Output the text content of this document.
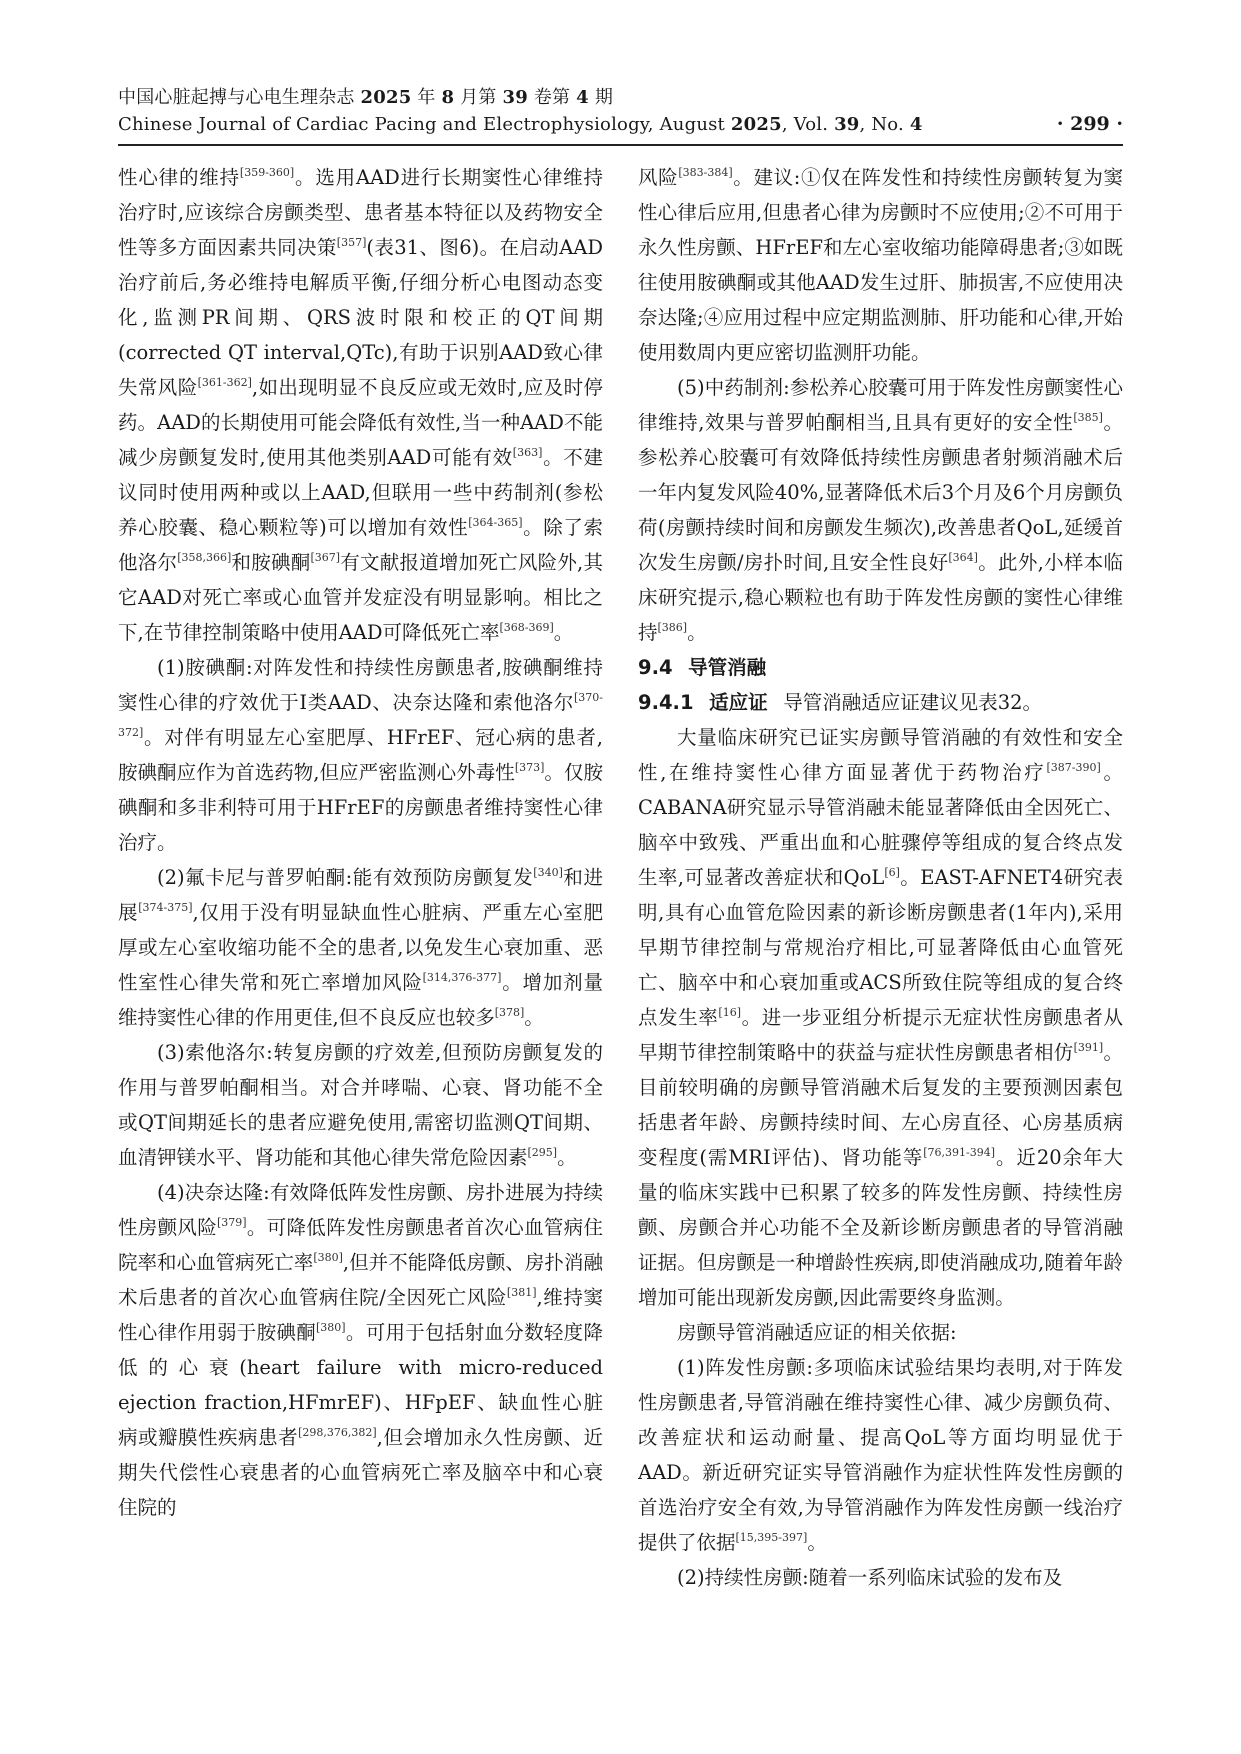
中国心脏起搏与心电生理杂志 2025 年 8 月第 39 卷第 4 期
Chinese Journal of Cardiac Pacing and Electrophysiology, August 2025, Vol. 39, No. 4	· 299 ·

性心律的维持[359-360]。选用AAD进行长期窦性心律维持治疗时,应该综合房颤类型、患者基本特征以及药物安全性等多方面因素共同决策[357](表31、图6)。在启动AAD治疗前后,务必维持电解质平衡,仔细分析心电图动态变化,监测PR间期、QRS波时限和校正的QT间期(corrected QT interval,QTc),有助于识别AAD致心律失常风险[361-362],如出现明显不良反应或无效时,应及时停药。AAD的长期使用可能会降低有效性,当一种AAD不能减少房颤复发时,使用其他类别AAD可能有效[363]。不建议同时使用两种或以上AAD,但联用一些中药制剂(参松养心胶囊、稳心颗粒等)可以增加有效性[364-365]。除了索他洛尔[358,366]和胺碘酮[367]有文献报道增加死亡风险外,其它AAD对死亡率或心血管并发症没有明显影响。相比之下,在节律控制策略中使用AAD可降低死亡率[368-369]。

(1)胺碘酮:对阵发性和持续性房颤患者,胺碘酮维持窦性心律的疗效优于Ⅰ类AAD、决奈达隆和索他洛尔[370-372]。对伴有明显左心室肥厚、HFrEF、冠心病的患者,胺碘酮应作为首选药物,但应严密监测心外毒性[373]。仅胺碘酮和多非利特可用于HFrEF的房颤患者维持窦性心律治疗。

(2)氟卡尼与普罗帕酮:能有效预防房颤复发[340]和进展[374-375],仅用于没有明显缺血性心脏病、严重左心室肥厚或左心室收缩功能不全的患者,以免发生心衰加重、恶性室性心律失常和死亡率增加风险[314,376-377]。增加剂量维持窦性心律的作用更佳,但不良反应也较多[378]。

(3)索他洛尔:转复房颤的疗效差,但预防房颤复发的作用与普罗帕酮相当。对合并哮喘、心衰、肾功能不全或QT间期延长的患者应避免使用,需密切监测QT间期、血清钾镁水平、肾功能和其他心律失常危险因素[295]。

(4)决奈达隆:有效降低阵发性房颤、房扑进展为持续性房颤风险[379]。可降低阵发性房颤患者首次心血管病住院率和心血管病死亡率[380],但并不能降低房颤、房扑消融术后患者的首次心血管病住院/全因死亡风险[381],维持窦性心律作用弱于胺碘酮[380]。可用于包括射血分数轻度降低的心衰(heart failure with micro-reduced ejection fraction,HFmrEF)、HFpEF、缺血性心脏病或瓣膜性疾病患者[298,376,382],但会增加永久性房颤、近期失代偿性心衰患者的心血管病死亡率及脑卒中和心衰住院的

风险[383-384]。建议:①仅在阵发性和持续性房颤转复为窦性心律后应用,但患者心律为房颤时不应使用;②不可用于永久性房颤、HFrEF和左心室收缩功能障碍患者;③如既往使用胺碘酮或其他AAD发生过肝、肺损害,不应使用决奈达隆;④应用过程中应定期监测肺、肝功能和心律,开始使用数周内更应密切监测肝功能。

(5)中药制剂:参松养心胶囊可用于阵发性房颤窦性心律维持,效果与普罗帕酮相当,且具有更好的安全性[385]。参松养心胶囊可有效降低持续性房颤患者射频消融术后一年内复发风险40%,显著降低术后3个月及6个月房颤负荷(房颤持续时间和房颤发生频次),改善患者QoL,延缓首次发生房颤/房扑时间,且安全性良好[364]。此外,小样本临床研究提示,稳心颗粒也有助于阵发性房颤的窦性心律维持[386]。

9.4 导管消融

9.4.1 适应证 导管消融适应证建议见表32。

大量临床研究已证实房颤导管消融的有效性和安全性,在维持窦性心律方面显著优于药物治疗[387-390]。CABANA研究显示导管消融未能显著降低由全因死亡、脑卒中致残、严重出血和心脏骤停等组成的复合终点发生率,可显著改善症状和QoL[6]。EAST-AFNET4研究表明,具有心血管危险因素的新诊断房颤患者(1年内),采用早期节律控制与常规治疗相比,可显著降低由心血管死亡、脑卒中和心衰加重或ACS所致住院等组成的复合终点发生率[16]。进一步亚组分析提示无症状性房颤患者从早期节律控制策略中的获益与症状性房颤患者相仿[391]。目前较明确的房颤导管消融术后复发的主要预测因素包括患者年龄、房颤持续时间、左心房直径、心房基质病变程度(需MRI评估)、肾功能等[76,391-394]。近20余年大量的临床实践中已积累了较多的阵发性房颤、持续性房颤、房颤合并心功能不全及新诊断房颤患者的导管消融证据。但房颤是一种增龄性疾病,即使消融成功,随着年龄增加可能出现新发房颤,因此需要终身监测。

房颤导管消融适应证的相关依据:

(1)阵发性房颤:多项临床试验结果均表明,对于阵发性房颤患者,导管消融在维持窦性心律、减少房颤负荷、改善症状和运动耐量、提高QoL等方面均明显优于AAD。新近研究证实导管消融作为症状性阵发性房颤的首选治疗安全有效,为导管消融作为阵发性房颤一线治疗提供了依据[15,395-397]。

(2)持续性房颤:随着一系列临床试验的发布及
